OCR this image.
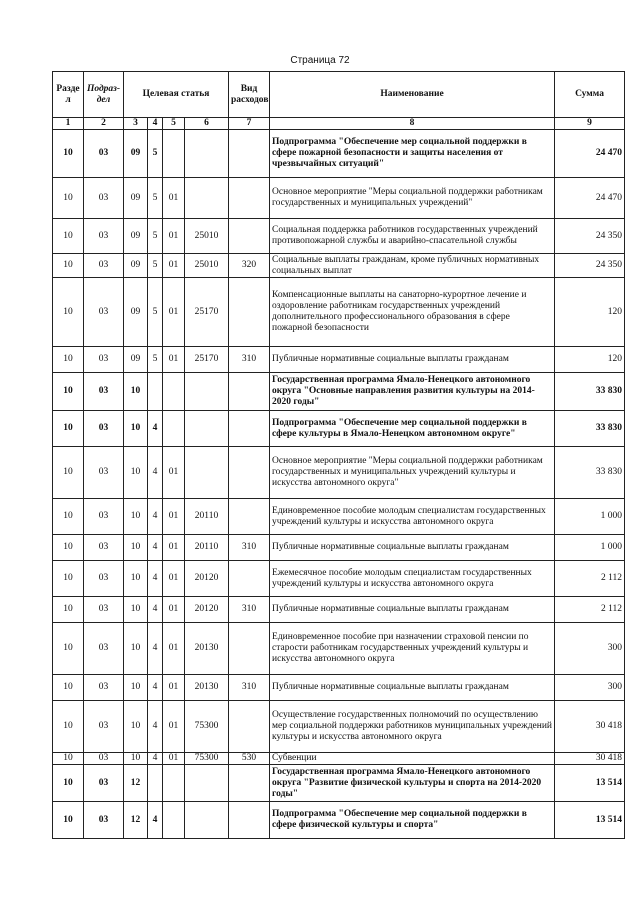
Страница 72
Разде л	Подраз- дел	Целевая статья				Вид расходов	Наименование	Сумма
1	2	3	4	5	6	7	8	9
10	03	09	5				Подпрограмма "Обеспечение мер социальной поддержки в сфере пожарной безопасности и защиты населения от чрезвычайных ситуаций"	24 470
10	03	09	5	01			Основное мероприятие "Меры социальной поддержки работникам государственных и муниципальных учреждений"	24 470
10	03	09	5	01	25010		Социальная поддержка работников государственных учреждений противопожарной службы и аварийно-спасательной службы	24 350
10	03	09	5	01	25010	320	Социальные выплаты гражданам, кроме публичных нормативных социальных выплат	24 350
10	03	09	5	01	25170		Компенсационные выплаты на санаторно-курортное лечение и оздоровление работникам государственных учреждений дополнительного профессионального образования в сфере пожарной безопасности	120
10	03	09	5	01	25170	310	Публичные нормативные социальные выплаты гражданам	120
10	03	10					Государственная программа Ямало-Ненецкого автономного округа "Основные направления развития культуры на 2014-2020 годы"	33 830
10	03	10	4				Подпрограмма "Обеспечение мер социальной поддержки в сфере культуры в Ямало-Ненецком автономном округе"	33 830
10	03	10	4	01			Основное мероприятие "Меры социальной поддержки работникам государственных и муниципальных учреждений культуры и искусства автономного округа"	33 830
10	03	10	4	01	20110		Единовременное пособие молодым специалистам государственных учреждений культуры и искусства автономного округа	1 000
10	03	10	4	01	20110	310	Публичные нормативные социальные выплаты гражданам	1 000
10	03	10	4	01	20120		Ежемесячное пособие молодым специалистам государственных учреждений культуры и искусства автономного округа	2 112
10	03	10	4	01	20120	310	Публичные нормативные социальные выплаты гражданам	2 112
10	03	10	4	01	20130		Единовременное пособие при назначении страховой пенсии по старости работникам государственных учреждений культуры и искусства автономного округа	300
10	03	10	4	01	20130	310	Публичные нормативные социальные выплаты гражданам	300
10	03	10	4	01	75300		Осуществление государственных полномочий по осуществлению мер социальной поддержки работников муниципальных учреждений культуры и искусства автономного округа	30 418
10	03	10	4	01	75300	530	Субвенции	30 418
10	03	12					Государственная программа Ямало-Ненецкого автономного округа "Развитие физической культуры и спорта на 2014-2020 годы"	13 514
10	03	12	4				Подпрограмма "Обеспечение мер социальной поддержки в сфере физической культуры и спорта"	13 514
